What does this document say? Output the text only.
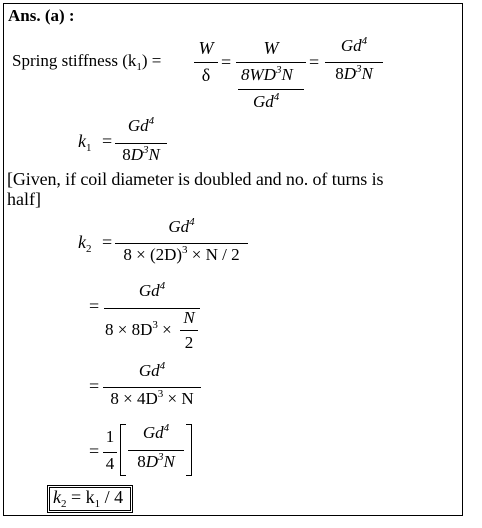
Ans. (a) :
Spring stiffness $(k_1)$ =
W
δ
=
W
$8WD^3N$
$Gd^4$
=
$Gd^4$
$8D^3N$
$k_1$ =
$Gd^4$
$8D^3N$
[Given, if coil diameter is doubled and no. of turns is
half]
$k_2$ =
$Gd^4$
$8 \times (2D)^3 \times N / 2$
=
$Gd^4$
$8 \times 8D^3$ ×
N
2
=
$Gd^4$
$8 \times 4D^3 \times N$
=
1
4
Gd$^4$
$8D^3N$
$k_2 = k_1 / 4$
